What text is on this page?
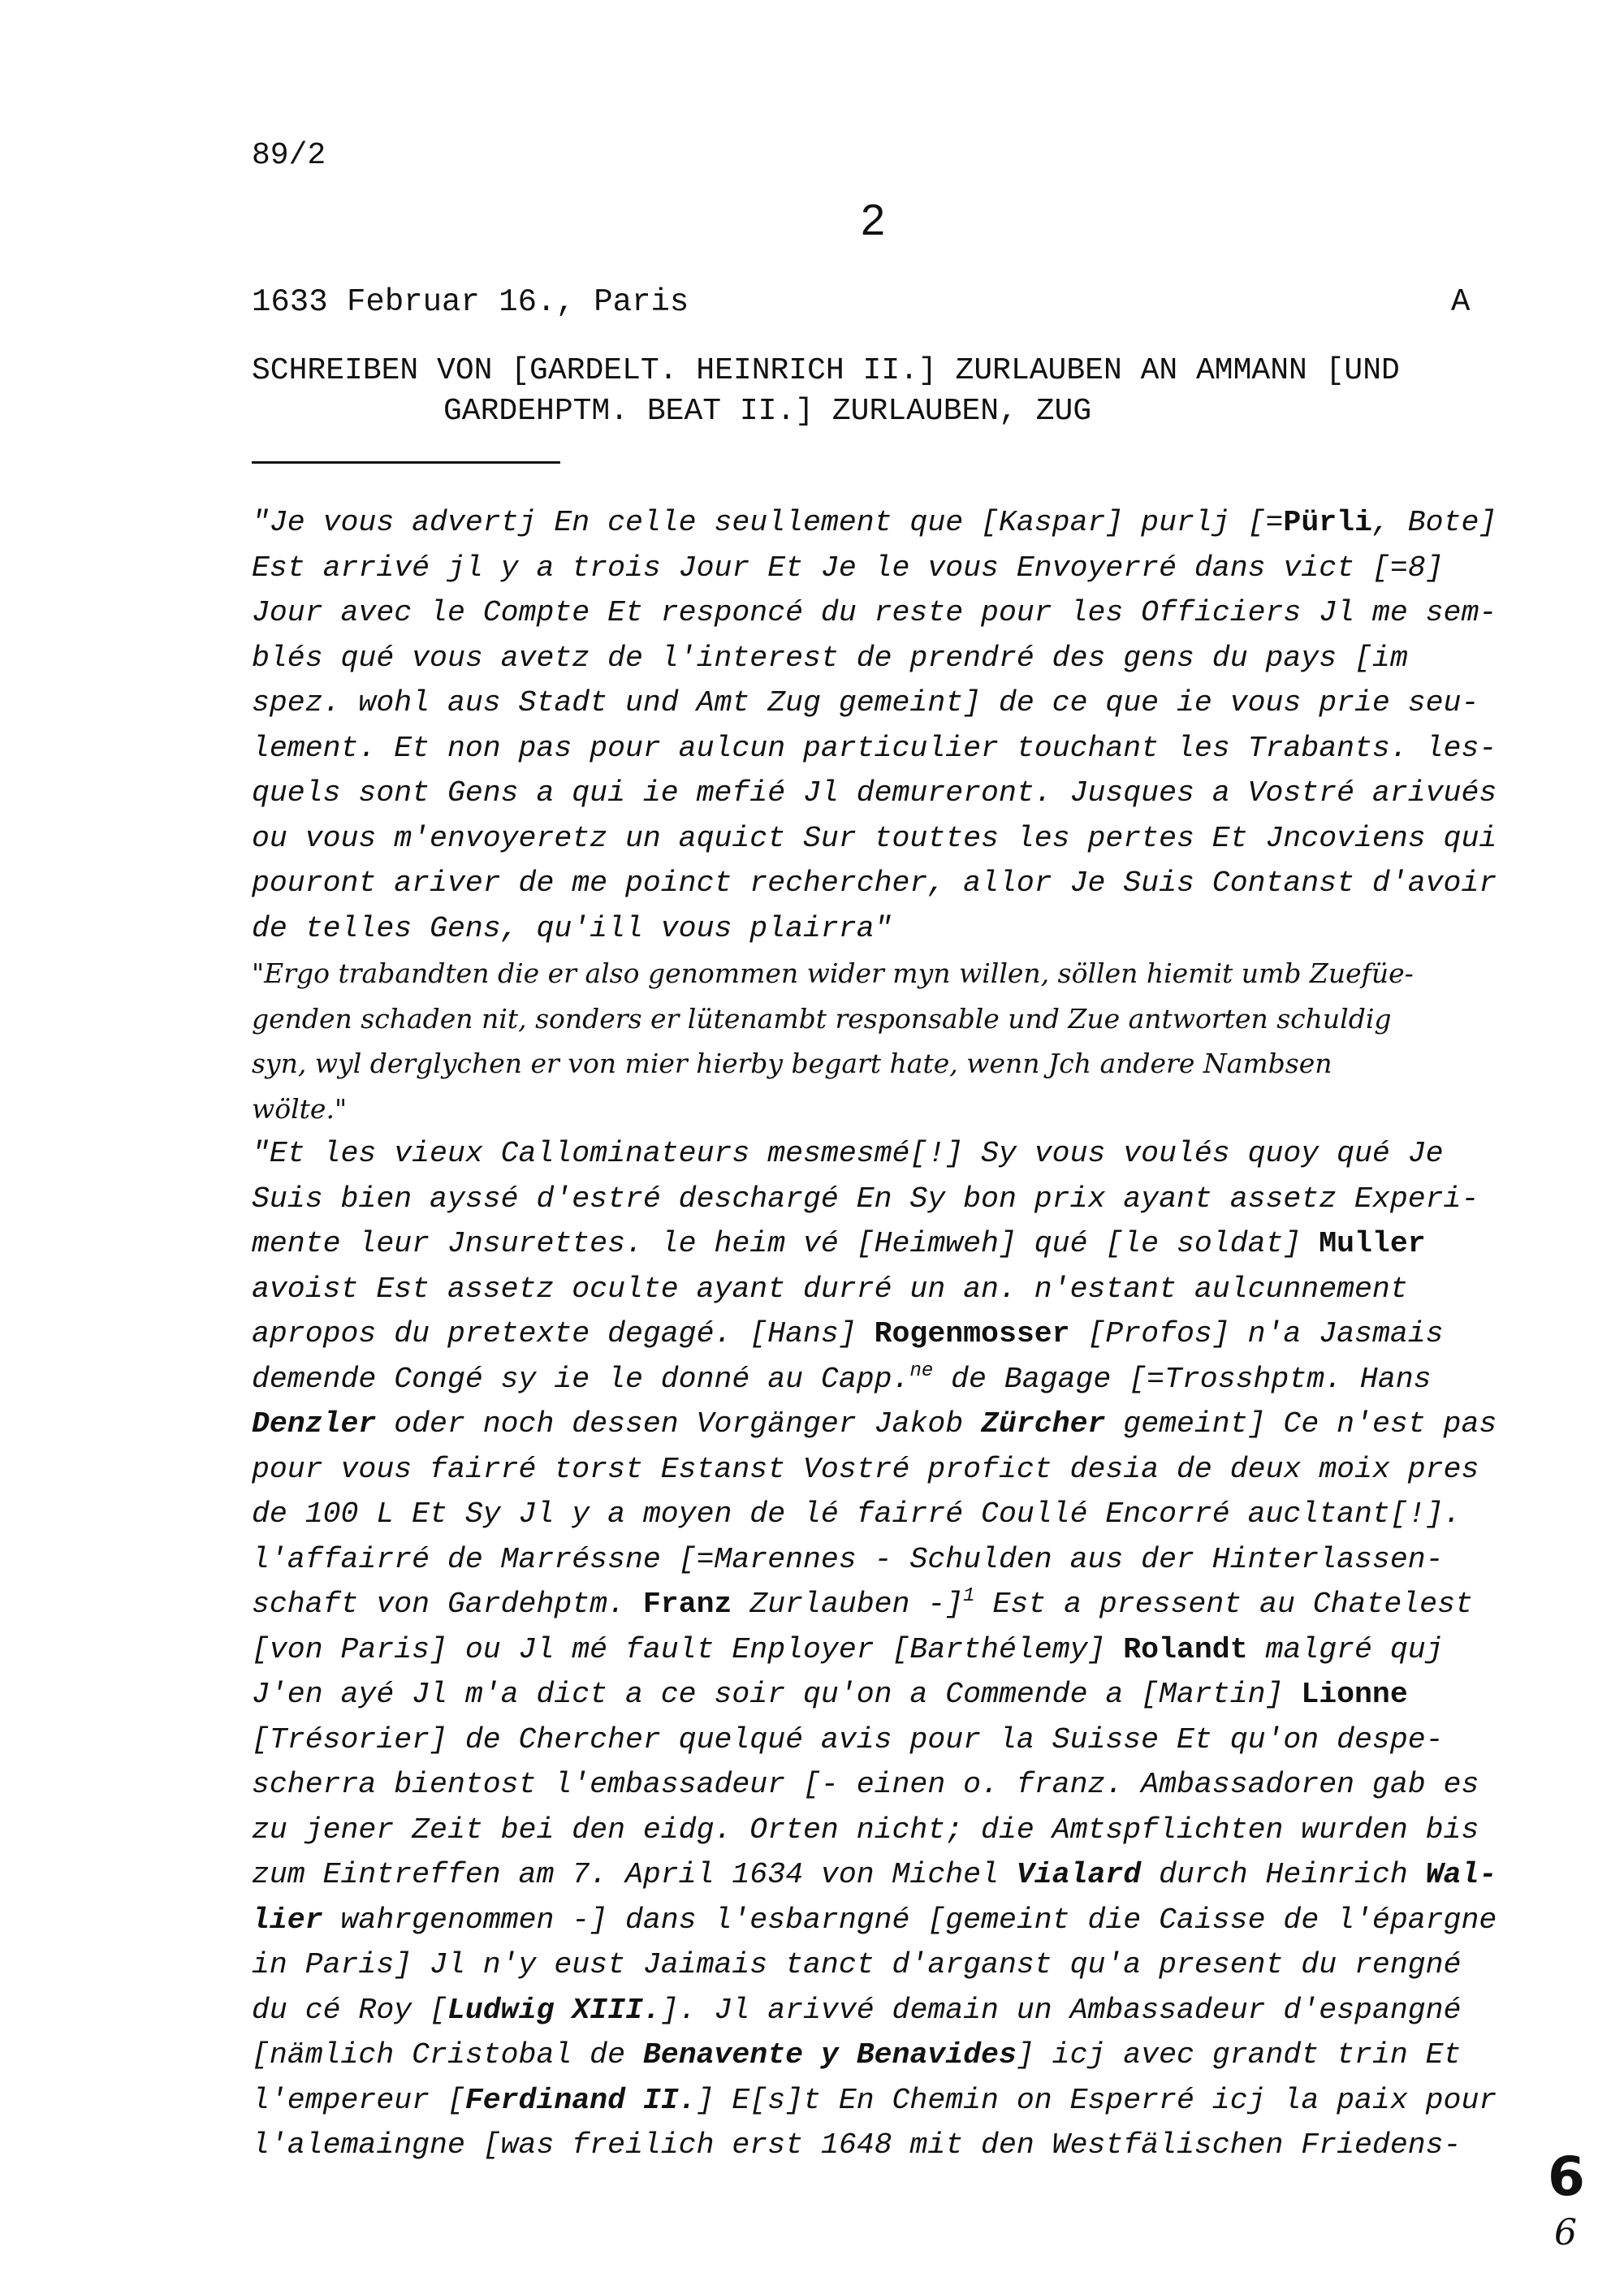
89/2
2
1633 Februar 16., Paris	A
SCHREIBEN VON [GARDELT. HEINRICH II.] ZURLAUBEN AN AMMANN [UND
GARDEHPTM. BEAT II.] ZURLAUBEN, ZUG
"Je vous advertj En celle seullement que [Kaspar] purlj [=Pürli, Bote]
Est arrivé jl y a trois Jour Et Je le vous Envoyerré dans vict [=8]
Jour avec le Compte Et responcé du reste pour les Officiers Jl me sem-
blés qué vous avetz de l'interest de prendré des gens du pays [im
spez. wohl aus Stadt und Amt Zug gemeint] de ce que ie vous prie seu-
lement. Et non pas pour aulcun particulier touchant les Trabants. les-
quels sont Gens a qui ie mefié Jl demureront. Jusques a Vostré arivués
ou vous m'envoyeretz un aquict Sur touttes les pertes Et Jncoviens qui
pouront ariver de me poinct rechercher, allor Je Suis Contanst d'avoir
de telles Gens, qu'ill vous plairra"
"Ergo trabandten die er also genommen wider myn willen, söllen hiemit umb Zuefüe-
genden schaden nit, sonders er lütenambt responsable und Zue antworten schuldig
syn, wyl derglychen er von mier hierby begart hate, wenn Jch andere Nambsen
wölte."
"Et les vieux Callominateurs mesmesmé[!] Sy vous voulés quoy qué Je
Suis bien ayssé d'estré deschargé En Sy bon prix ayant assetz Experi-
mente leur Jnsurettes. le heim vé [Heimweh] qué [le soldat] Muller
avoist Est assetz oculte ayant durré un an. n'estant aulcunnement
apropos du pretexte degagé. [Hans] Rogenmosser [Profos] n'a Jasmais
demende Congé sy ie le donné au Capp.$^{ne}$ de Bagage [=Trosshptm. Hans
Denzler oder noch dessen Vorgänger Jakob Zürcher gemeint] Ce n'est pas
pour vous fairré torst Estanst Vostré profict desia de deux moix pres
de 100 L Et Sy Jl y a moyen de lé fairré Coullé Encorré aucltant[!].
l'affairré de Marréssne [=Marennes - Schulden aus der Hinterlassen-
schaft von Gardehptm. Franz Zurlauben -]$^1$ Est a pressent au Chatelest
[von Paris] ou Jl mé fault Enployer [Barthélemy] Rolandt malgré quj
J'en ayé Jl m'a dict a ce soir qu'on a Commende a [Martin] Lionne
[Trésorier] de Chercher quelqué avis pour la Suisse Et qu'on despe-
scherra bientost l'embassadeur [- einen o. franz. Ambassadoren gab es
zu jener Zeit bei den eidg. Orten nicht; die Amtspflichten wurden bis
zum Eintreffen am 7. April 1634 von Michel Vialard durch Heinrich Wal-
lier wahrgenommen -] dans l'esbarngné [gemeint die Caisse de l'épargne
in Paris] Jl n'y eust Jaimais tanct d'arganst qu'a present du rengné
du cé Roy [Ludwig XIII.]. Jl arivvé demain un Ambassadeur d'espangné
[nämlich Cristobal de Benavente y Benavides] icj avec grandt trin Et
l'empereur [Ferdinand II.] E[s]t En Chemin on Esperré icj la paix pour
l'alemaingne [was freilich erst 1648 mit den Westfälischen Friedens-
6
6
